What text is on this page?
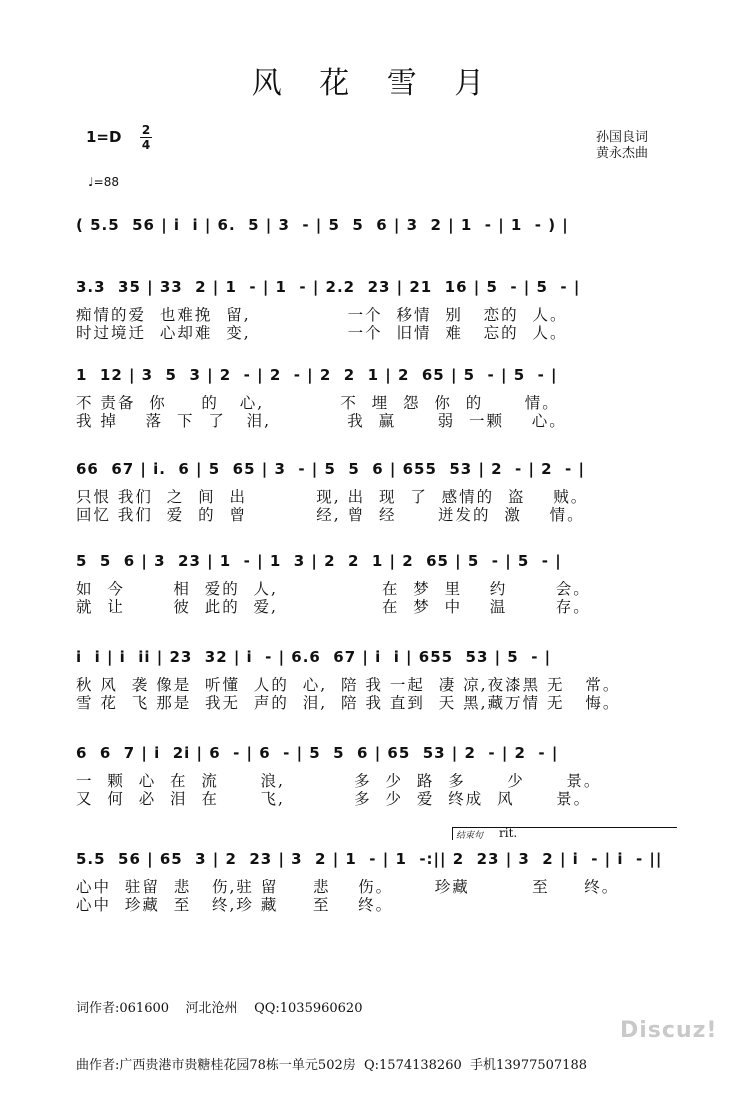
风 花 雪 月
1=D 2
4
♩=88
孙国良词
黄永杰曲
( 5.5  56 | i  i | 6.  5 | 3  - | 5  5  6 | 3  2 | 1  - | 1  - ) |
3.3  35 | 33  2 | 1  - | 1  - | 2.2  23 | 21  16 | 5  - | 5  - |
痴情的爱  也难挽  留,              一个  移情  别   恋的  人。
时过境迁  心却难  变,              一个  旧情  难   忘的  人。
1  12 | 3  5  3 | 2  - | 2  - | 2  2  1 | 2  65 | 5  - | 5  - |
不 责备  你     的   心,           不  埋  怨  你  的      情。
我 掉    落  下  了   泪,           我  赢      弱  一颗    心。
66  67 | i.  6 | 5  65 | 3  - | 5  5  6 | 655  53 | 2  - | 2  - |
只恨 我们  之  间  出          现, 出  现  了  感情的  盗    贼。
回忆 我们  爱  的  曾          经, 曾  经      迸发的  激    情。
5  5  6 | 3  23 | 1  - | 1  3 | 2  2  1 | 2  65 | 5  - | 5  - |
如  今       相  爱的  人,               在  梦  里    约       会。
就  让       彼  此的  爱,               在  梦  中    温       存。
i  i | i  ii | 23  32 | i  - | 6.6  67 | i  i | 655  53 | 5  - |
秋 风  袭 像是  听懂  人的  心,  陪 我 一起  凄 凉,夜漆黑 无   常。
雪 花  飞 那是  我无  声的  泪,  陪 我 直到  天 黑,藏万情 无   悔。
6  6  7 | i  2i | 6  - | 6  - | 5  5  6 | 65  53 | 2  - | 2  - |
一  颗  心  在  流      浪,          多  少  路  多      少      景。
又  何  必  泪  在      飞,          多  少  爱  终成  风      景。
结束句 rit.
5.5  56 | 65  3 | 2  23 | 3  2 | 1  - | 1  -:|| 2  23 | 3  2 | i  - | i  - ||
心中  驻留  悲   伤,驻 留     悲    伤。      珍藏         至     终。
心中  珍藏  至   终,珍 藏     至    终。

词作者:061600    河北沧州    QQ:1035960620

曲作者:广西贵港市贵糖桂花园78栋一单元502房  Q:1574138260  手机13977507188

Discuz!
